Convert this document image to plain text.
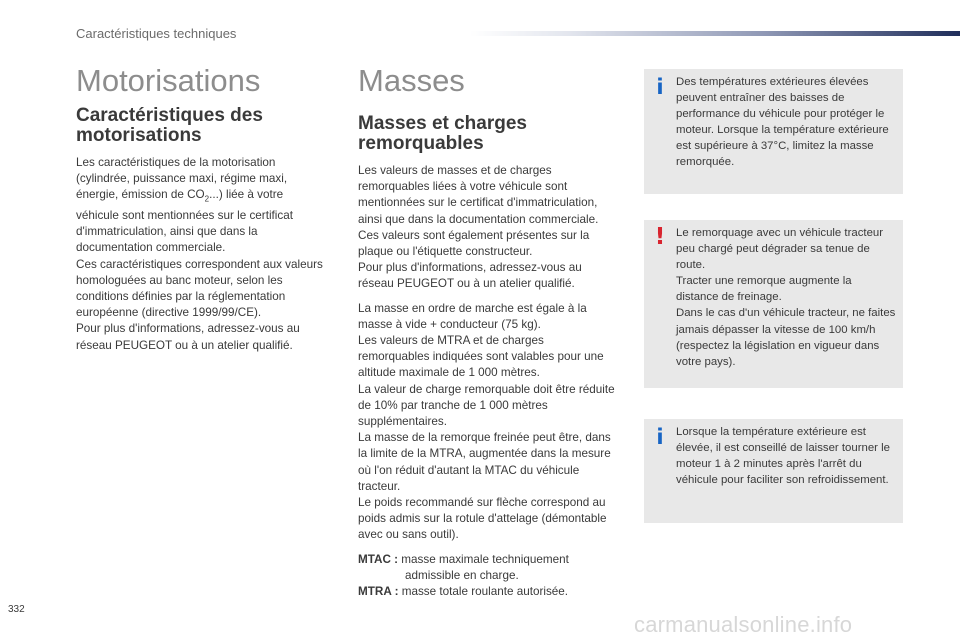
Caractéristiques techniques
Motorisations
Caractéristiques des motorisations

Les caractéristiques de la motorisation (cylindrée, puissance maxi, régime maxi, énergie, émission de $CO_2$...) liée à votre véhicule sont mentionnées sur le certificat d'immatriculation, ainsi que dans la documentation commerciale.

Ces caractéristiques correspondent aux valeurs homologuées au banc moteur, selon les conditions définies par la réglementation européenne (directive 1999/99/CE).

Pour plus d'informations, adressez-vous au réseau PEUGEOT ou à un atelier qualifié.

Masses
Masses et charges remorquables

Les valeurs de masses et de charges remorquables liées à votre véhicule sont mentionnées sur le certificat d'immatriculation, ainsi que dans la documentation commerciale.

Ces valeurs sont également présentes sur la plaque ou l'étiquette constructeur.

Pour plus d'informations, adressez-vous au réseau PEUGEOT ou à un atelier qualifié.

La masse en ordre de marche est égale à la masse à vide + conducteur (75 kg).

Les valeurs de MTRA et de charges remorquables indiquées sont valables pour une altitude maximale de 1 000 mètres.

La valeur de charge remorquable doit être réduite de 10% par tranche de 1 000 mètres supplémentaires.

La masse de la remorque freinée peut être, dans la limite de la MTRA, augmentée dans la mesure où l'on réduit d'autant la MTAC du véhicule tracteur.

Le poids recommandé sur flèche correspond au poids admis sur la rotule d'attelage (démontable avec ou sans outil).

MTAC : masse maximale techniquement
admissible en charge.
MTRA : masse totale roulante autorisée.
i Des températures extérieures élevées peuvent entraîner des baisses de performance du véhicule pour protéger le moteur. Lorsque la température extérieure est supérieure à 37°C, limitez la masse remorquée.
! Le remorquage avec un véhicule tracteur peu chargé peut dégrader sa tenue de route.

Tracter une remorque augmente la distance de freinage.

Dans le cas d'un véhicule tracteur, ne faites jamais dépasser la vitesse de 100 km/h (respectez la législation en vigueur dans votre pays).

i Lorsque la température extérieure est élevée, il est conseillé de laisser tourner le moteur 1 à 2 minutes après l'arrêt du véhicule pour faciliter son refroidissement.
332
carmanualsonline.info
